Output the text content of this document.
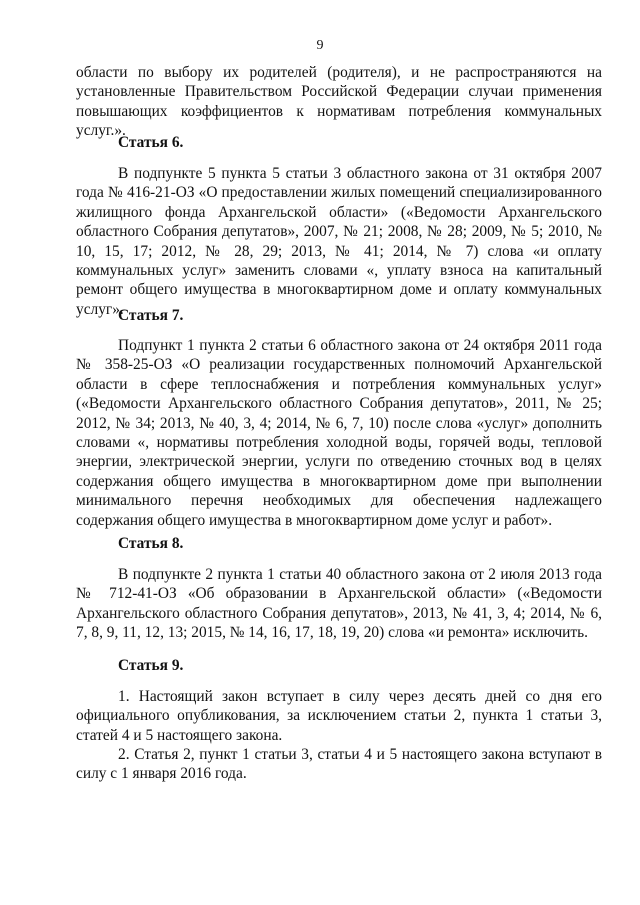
9

области по выбору их родителей (родителя), и не распространяются на установленные Правительством Российской Федерации случаи применения повышающих коэффициентов к нормативам потребления коммунальных услуг.».

Статья 6.

В подпункте 5 пункта 5 статьи 3 областного закона от 31 октября 2007 года № 416-21-ОЗ «О предоставлении жилых помещений специализированного жилищного фонда Архангельской области» («Ведомости Архангельского областного Собрания депутатов», 2007, № 21; 2008, № 28; 2009, № 5; 2010, № 10, 15, 17; 2012, № 28, 29; 2013, № 41; 2014, № 7) слова «и оплату коммунальных услуг» заменить словами «, уплату взноса на капитальный ремонт общего имущества в многоквартирном доме и оплату коммунальных услуг».

Статья 7.

Подпункт 1 пункта 2 статьи 6 областного закона от 24 октября 2011 года № 358-25-ОЗ «О реализации государственных полномочий Архангельской области в сфере теплоснабжения и потребления коммунальных услуг» («Ведомости Архангельского областного Собрания депутатов», 2011, № 25; 2012, № 34; 2013, № 40, 3, 4; 2014, № 6, 7, 10) после слова «услуг» дополнить словами «, нормативы потребления холодной воды, горячей воды, тепловой энергии, электрической энергии, услуги по отведению сточных вод в целях содержания общего имущества в многоквартирном доме при выполнении минимального перечня необходимых для обеспечения надлежащего содержания общего имущества в многоквартирном доме услуг и работ».

Статья 8.

В подпункте 2 пункта 1 статьи 40 областного закона от 2 июля 2013 года № 712-41-ОЗ «Об образовании в Архангельской области» («Ведомости Архангельского областного Собрания депутатов», 2013, № 41, 3, 4; 2014, № 6, 7, 8, 9, 11, 12, 13; 2015, № 14, 16, 17, 18, 19, 20) слова «и ремонта» исключить.

Статья 9.

1. Настоящий закон вступает в силу через десять дней со дня его официального опубликования, за исключением статьи 2, пункта 1 статьи 3, статей 4 и 5 настоящего закона.

2. Статья 2, пункт 1 статьи 3, статьи 4 и 5 настоящего закона вступают в силу с 1 января 2016 года.
